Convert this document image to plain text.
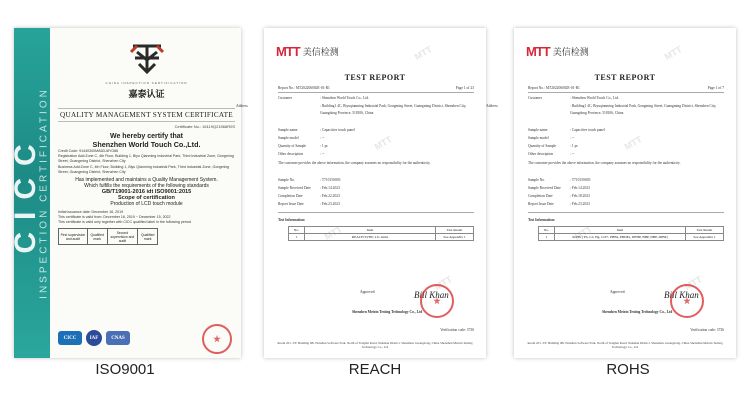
CICC
INSPECTION CERTIFICATION
CHINA INSPECTION CERTIFICATION
嘉泰认证
QUALITY MANAGEMENT SYSTEM CERTIFICATE
Certificate No.: 16119Q21566R0S
We hereby certify that
Shenzhen World Touch Co.,Ltd.
Credit Code: 91440300MA5DJ8YG86
Registration Add:Zone C, 4th Floor, Building 1, Biyu Qianming Industrial Park, Third Industrial Zone, Gongming Street, Guangming District, Shenzhen City
Business Add:Zone C, 4th Floor, Building 1, Biyu Qianming Industrial Park, Third Industrial Zone, Gongming Street, Guangming District, Shenzhen City
Has implemented and maintains a Quality Management System.
Which fulfills the requirements of the following standards
GB/T19001-2016 idt ISO9001:2015
Scope of certification
Production of LCD touch module
Initial issuance date: December 16, 2019
This certificate is valid from: December 16, 2019 ~ December 15, 2022
This certificate is valid only together with CICC qualified label in the following period
First supervision and audit	Qualified mark	Second supervision and audit	Qualified mark
CICC	IAF	CNAS
ISO9001
MTT
MTT
MTT
MTT
MTT 美信检测
TEST REPORT
Report No.: MT202206002E-01-R1	Page 1 of 23
Customer	: Shenzhen World Touch Co., Ltd.
Address	: Building1 4C, Biyuqianming Industrial Park, Gongming Street, Guangming District, Shenzhen City, Guangdong Province, 518106, China
Sample name	: Capacitive touch panel
Sample model	: --
Quantity of Sample	: 1 pc
Other description	: --
The customer provides the above information, the company assumes no responsibility for the authenticity.
Sample No.	: T71015S003
Sample Received Date	: Feb.14.2023
Completion Date	: Feb.22.2023
Report Issue Date	: Feb.23.2023
Test Information:
No.	Item	Test Result
1	REACH SVHC 211 items	See Appendix 1
Approved:	Bill Khan
Shenzhen Meixin Testing Technology Co., Ltd
Verification code: 3736
Room 201, 3/F, Building 6B, Nanshan Software Park, North of Tonghai Road, Nanshan District, Shenzhen, Guangdong, China Shenzhen Meixin Testing Technology Co., Ltd
REACH
MTT
MTT
MTT
MTT
MTT 美信检测
TEST REPORT
Report No.: MT202206002E-01-R1	Page 1 of 7
Customer	: Shenzhen World Touch Co., Ltd.
Address	: Building1 4C, Biyuqianming Industrial Park, Gongming Street, Guangming District, Shenzhen City, Guangdong Province, 518106, China
Sample name	: Capacitive touch panel
Sample model	: --
Quantity of Sample	: 1 pc
Other description	: --
The customer provides the above information, the company assumes no responsibility for the authenticity.
Sample No.	: T71015S003
Sample Received Date	: Feb.14.2023
Completion Date	: Feb.18.2023
Report Issue Date	: Feb.23.2023
Test Information:
No.	Item	Test Result
1	RoHS ( Pb, Cd, Hg, Cr6+, PBBs, PBDEs, DEHP, BBP, DBP, DIBP)	See Appendix 1
Approved:	Bill Khan
Shenzhen Meixin Testing Technology Co., Ltd
Verification code: 3736
Room 201, 3/F, Building 6B, Nanshan Software Park, North of Tonghai Road, Nanshan District, Shenzhen, Guangdong, China Shenzhen Meixin Testing Technology Co., Ltd
ROHS
